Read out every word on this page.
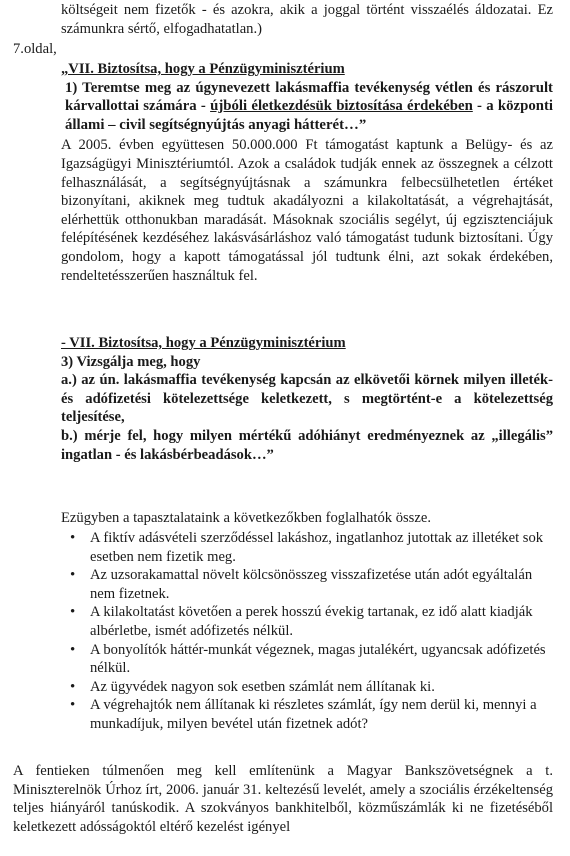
költségeit nem fizetők - és azokra, akik a joggal történt visszaélés áldozatai. Ez számunkra sértő, elfogadhatatlan.)

7.oldal,

„VII. Biztosítsa, hogy a Pénzügyminisztérium

1) Teremtse meg az úgynevezett lakásmaffia tevékenység vétlen és rászorult kárvallottai számára - újbóli életkezdésük biztosítása érdekében - a központi állami – civil segítségnyújtás anyagi hátterét…”

A 2005. évben együttesen 50.000.000 Ft támogatást kaptunk a Belügy- és az Igazságügyi Minisztériumtól. Azok a családok tudják ennek az összegnek a célzott felhasználását, a segítségnyújtásnak a számunkra felbecsülhetetlen értéket bizonyítani, akiknek meg tudtuk akadályozni a kilakoltatását, a végrehajtását, elérhettük otthonukban maradását. Másoknak szociális segélyt, új egzisztenciájuk felépítésének kezdéséhez lakásvásárláshoz való támogatást tudunk biztosítani. Úgy gondolom, hogy a kapott támogatással jól tudtunk élni, azt sokak érdekében, rendeltetésszerűen használtuk fel.

- VII. Biztosítsa, hogy a Pénzügyminisztérium

3) Vizsgálja meg, hogy

a.) az ún. lakásmaffia tevékenység kapcsán az elkövetői körnek milyen illeték- és adófizetési kötelezettsége keletkezett, s megtörtént-e a kötelezettség teljesítése,

b.) mérje fel, hogy milyen mértékű adóhiányt eredményeznek az „illegális” ingatlan - és lakásbérbeadások…”

Ezügyben a tapasztalataink a következőkben foglalhatók össze.

• A fiktív adásvételi szerződéssel lakáshoz, ingatlanhoz jutottak az illetéket sok esetben nem fizetik meg.
• Az uzsorakamattal növelt kölcsönösszeg visszafizetése után adót egyáltalán nem fizetnek.
• A kilakoltatást követően a perek hosszú évekig tartanak, ez idő alatt kiadják albérletbe, ismét adófizetés nélkül.
• A bonyolítók háttér-munkát végeznek, magas jutalékért, ugyancsak adófizetés nélkül.
• Az ügyvédek nagyon sok esetben számlát nem állítanak ki.
• A végrehajtók nem állítanak ki részletes számlát, így nem derül ki, mennyi a munkadíjuk, milyen bevétel után fizetnek adót?

A fentieken túlmenően meg kell említenünk a Magyar Bankszövetségnek a t. Miniszterelnök Úrhoz írt, 2006. január 31. keltezésű levelét, amely a szociális érzékeltenség teljes hiányáról tanúskodik. A szokványos bankhitelből, közműszámlák ki ne fizetéséből keletkezett adósságoktól eltérő kezelést igényel
